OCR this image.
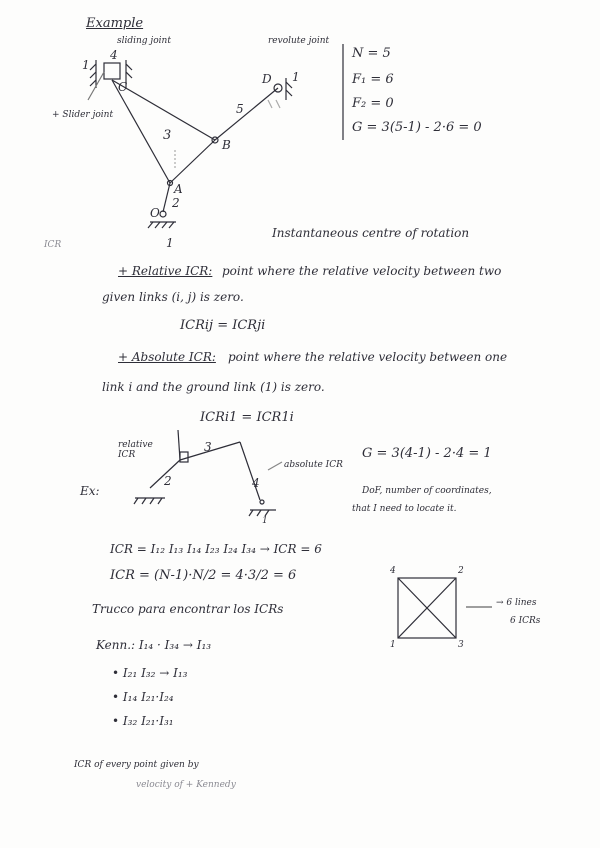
Example
sliding joint	revolute joint
+ Slider joint
1
1
1
2
3
4
5
C
A
B
D
O
N = 5
F₁ = 6
F₂ = 0
G = 3(5-1) - 2·6 = 0
Instantaneous centre of rotation
ICR
+ Relative ICR: point where the relative velocity between two
given links (i, j) is zero.
ICRij = ICRji
+ Absolute ICR: point where the relative velocity between one
link i and the ground link (1) is zero.
ICRi1 = ICR1i
relative ICR
absolute ICR
3
2	4
1
Ex:
G = 3(4-1) - 2·4 = 1
DoF, number of coordinates,
that I need to locate it.
ICR = I₁₂ I₁₃ I₁₄ I₂₃ I₂₄ I₃₄ → ICR = 6
ICR = (N-1)·N/2 = 4·3/2 = 6
Trucco para encontrar los ICRs
4	2
1	3
→ 6 lines
6 ICRs
Kenn.: I₁₄ · I₃₄ → I₁₃
• I₂₁ I₃₂ → I₁₃
• I₁₄ I₂₁·I₂₄
• I₃₂ I₂₁·I₃₁
ICR of every point given by
velocity of + Kennedy
